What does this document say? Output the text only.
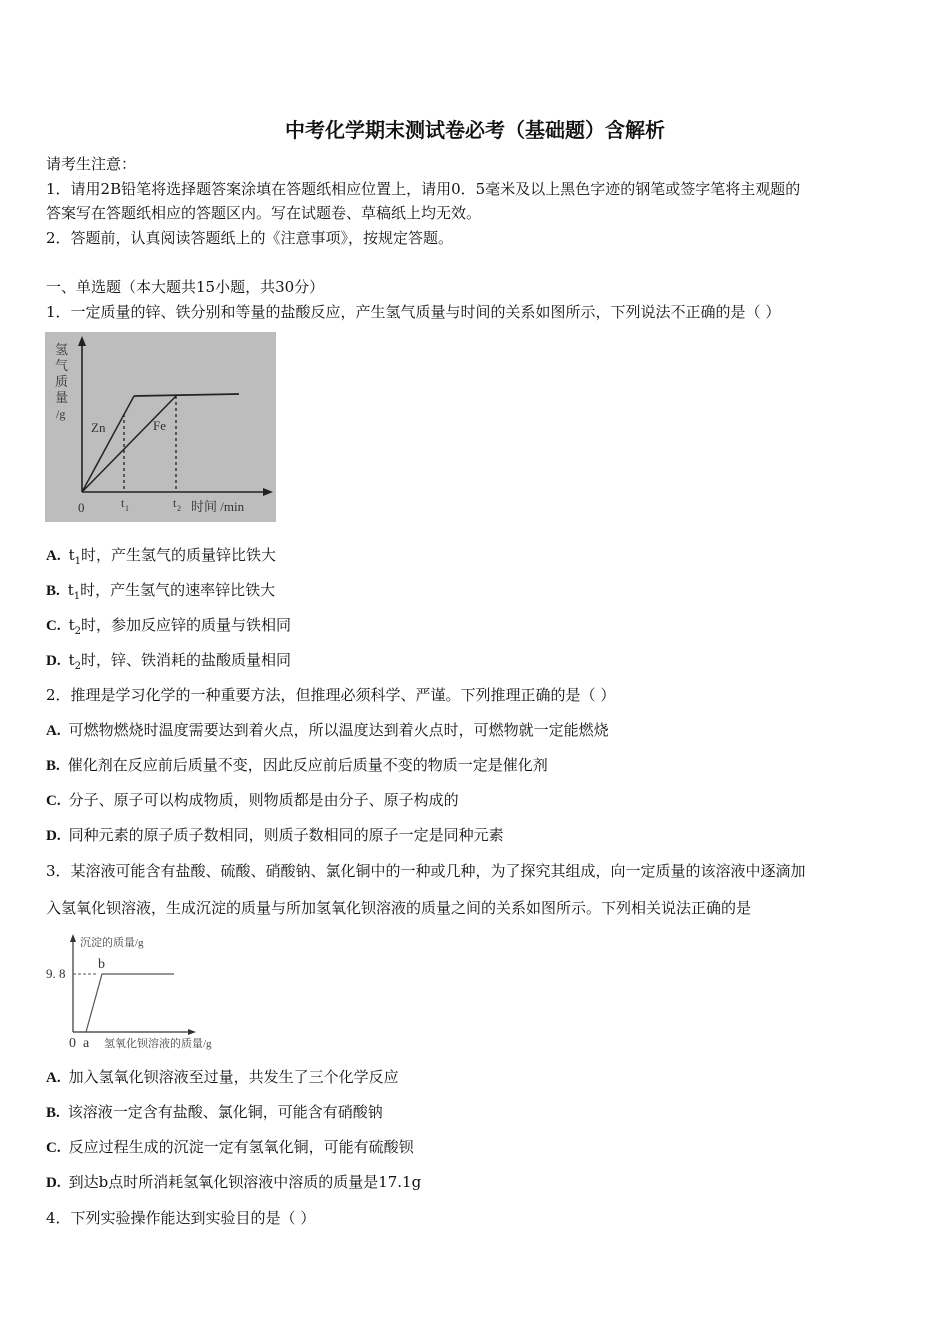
中考化学期末测试卷必考（基础题）含解析
请考生注意：
1．请用2B铅笔将选择题答案涂填在答题纸相应位置上，请用0．5毫米及以上黑色字迹的钢笔或签字笔将主观题的
答案写在答题纸相应的答题区内。写在试题卷、草稿纸上均无效。
2．答题前，认真阅读答题纸上的《注意事项》，按规定答题。
一、单选题（本大题共15小题，共30分）
1．一定质量的锌、铁分别和等量的盐酸反应，产生氢气质量与时间的关系如图所示，下列说法不正确的是（ ）
氢
气
质
量
/g
Zn	Fe
0	t 1	t 2 时间 /min
A. $t_1$时，产生氢气的质量锌比铁大
B. $t_1$时，产生氢气的速率锌比铁大
C. $t_2$时，参加反应锌的质量与铁相同
D. $t_2$时，锌、铁消耗的盐酸质量相同
2．推理是学习化学的一种重要方法，但推理必须科学、严谨。下列推理正确的是（ ）
A. 可燃物燃烧时温度需要达到着火点，所以温度达到着火点时，可燃物就一定能燃烧
B. 催化剂在反应前后质量不变，因此反应前后质量不变的物质一定是催化剂
C. 分子、原子可以构成物质，则物质都是由分子、原子构成的
D. 同种元素的原子质子数相同，则质子数相同的原子一定是同种元素
3．某溶液可能含有盐酸、硫酸、硝酸钠、氯化铜中的一种或几种，为了探究其组成，向一定质量的该溶液中逐滴加
入氢氧化钡溶液，生成沉淀的质量与所加氢氧化钡溶液的质量之间的关系如图所示。下列相关说法正确的是
沉淀的质量/g
9. 8
b
0 a 氢氧化钡溶液的质量/g
A. 加入氢氧化钡溶液至过量，共发生了三个化学反应
B. 该溶液一定含有盐酸、氯化铜，可能含有硝酸钠
C. 反应过程生成的沉淀一定有氢氧化铜，可能有硫酸钡
D. 到达b点时所消耗氢氧化钡溶液中溶质的质量是17.1g
4．下列实验操作能达到实验目的是（ ）
